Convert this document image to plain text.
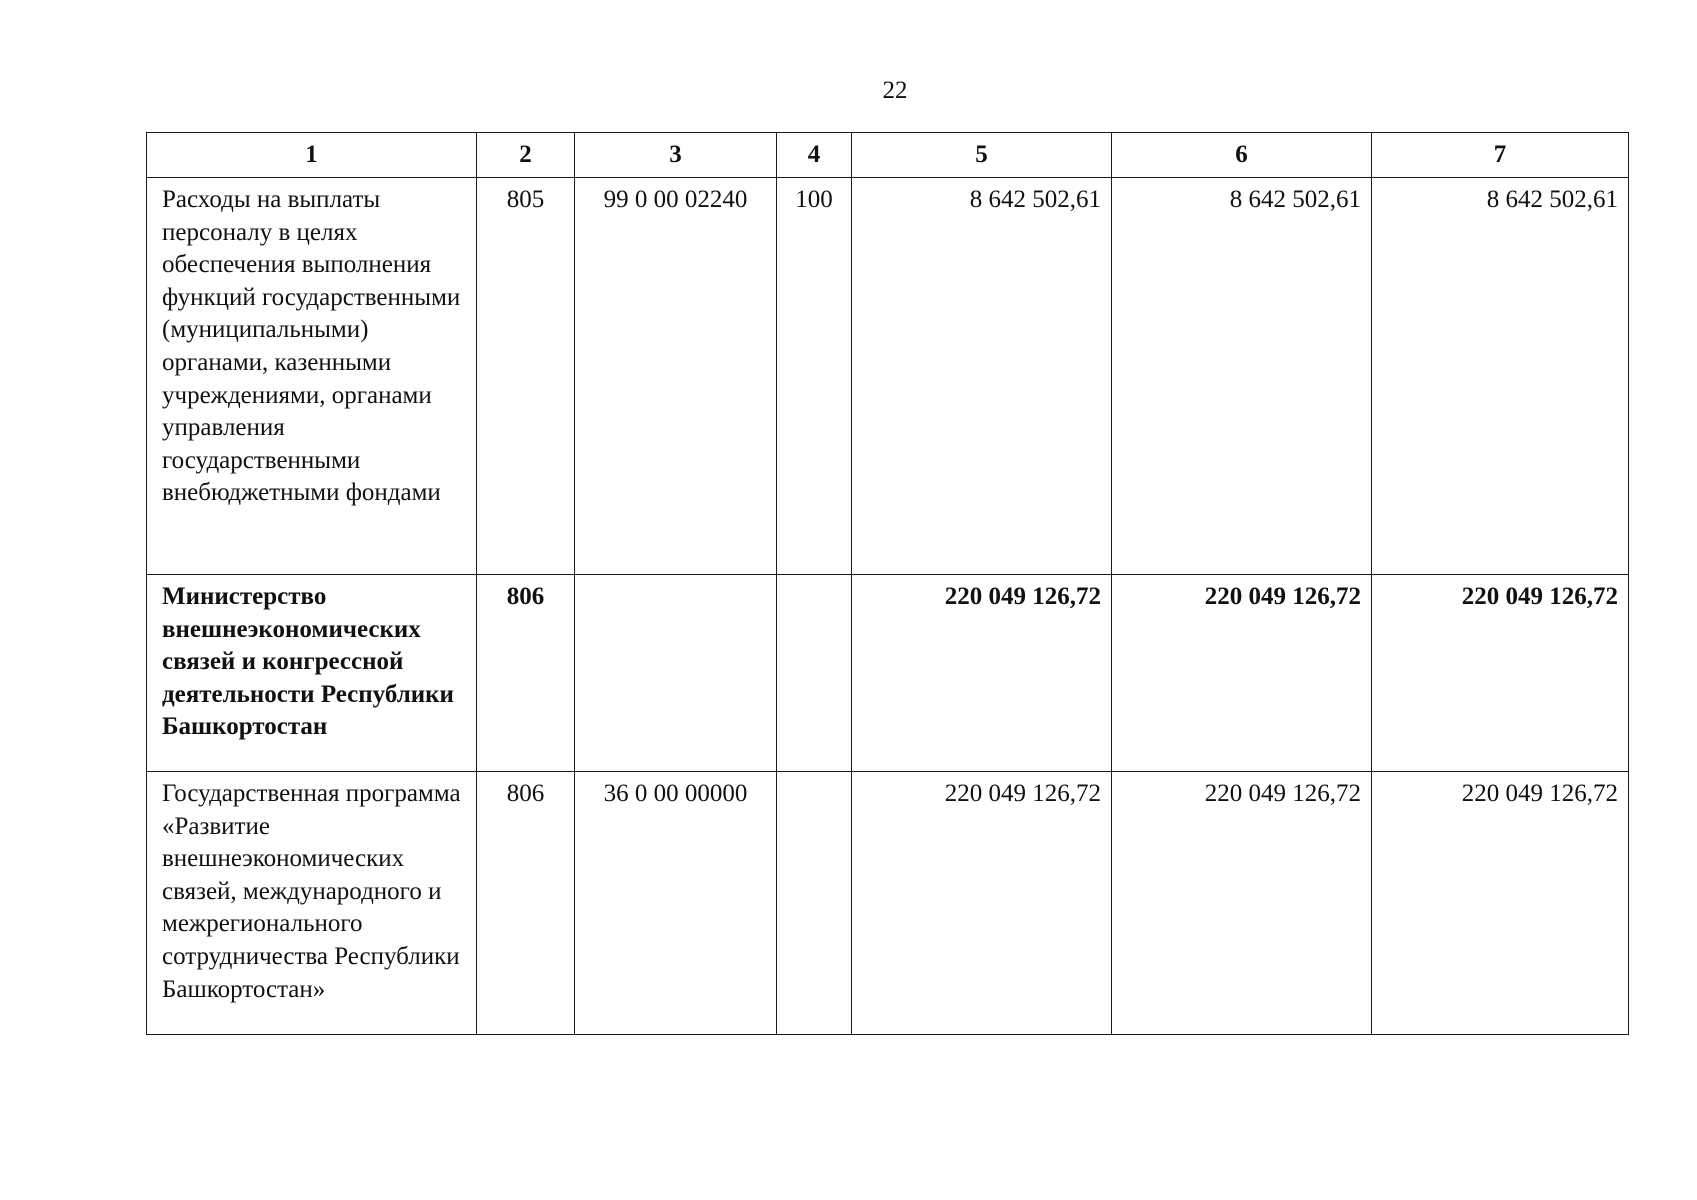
22
1	2	3	4	5	6	7
Расходы на выплаты персоналу в целях обеспечения выполнения функций государственными (муниципальными) органами, казенными учреждениями, органами управления государственными внебюджетными фондами	805	99 0 00 02240	100	8 642 502,61	8 642 502,61	8 642 502,61
Министерство внешнеэкономических связей и конгрессной деятельности Республики Башкортостан	806			220 049 126,72	220 049 126,72	220 049 126,72
Государственная программа «Развитие внешнеэкономических связей, международного и межрегионального сотрудничества Республики Башкортостан»	806	36 0 00 00000		220 049 126,72	220 049 126,72	220 049 126,72
